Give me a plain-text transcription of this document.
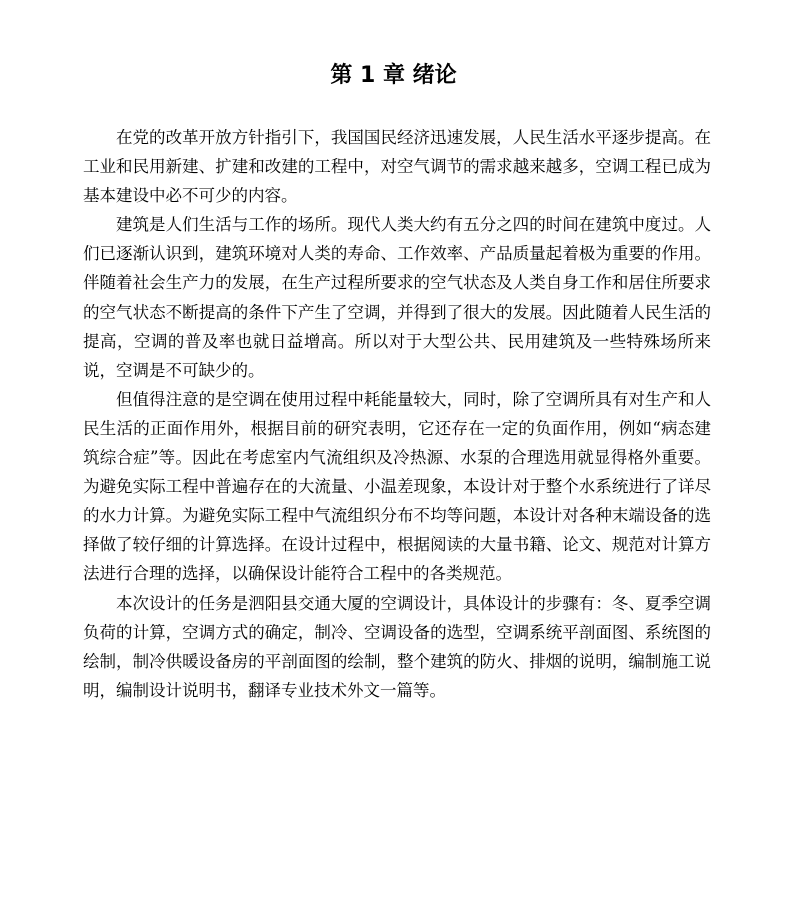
第 1 章 绪论

在党的改革开放方针指引下，我国国民经济迅速发展，人民生活水平逐步提高。在工业和民用新建、扩建和改建的工程中，对空气调节的需求越来越多，空调工程已成为基本建设中必不可少的内容。

建筑是人们生活与工作的场所。现代人类大约有五分之四的时间在建筑中度过。人们已逐渐认识到，建筑环境对人类的寿命、工作效率、产品质量起着极为重要的作用。伴随着社会生产力的发展，在生产过程所要求的空气状态及人类自身工作和居住所要求的空气状态不断提高的条件下产生了空调，并得到了很大的发展。因此随着人民生活的提高，空调的普及率也就日益增高。所以对于大型公共、民用建筑及一些特殊场所来说，空调是不可缺少的。

但值得注意的是空调在使用过程中耗能量较大，同时，除了空调所具有对生产和人民生活的正面作用外，根据目前的研究表明，它还存在一定的负面作用，例如“病态建筑综合症”等。因此在考虑室内气流组织及冷热源、水泵的合理选用就显得格外重要。为避免实际工程中普遍存在的大流量、小温差现象，本设计对于整个水系统进行了详尽的水力计算。为避免实际工程中气流组织分布不均等问题，本设计对各种末端设备的选择做了较仔细的计算选择。在设计过程中，根据阅读的大量书籍、论文、规范对计算方法进行合理的选择，以确保设计能符合工程中的各类规范。

本次设计的任务是泗阳县交通大厦的空调设计，具体设计的步骤有：冬、夏季空调负荷的计算，空调方式的确定，制冷、空调设备的选型，空调系统平剖面图、系统图的绘制，制冷供暖设备房的平剖面图的绘制，整个建筑的防火、排烟的说明，编制施工说明，编制设计说明书，翻译专业技术外文一篇等。
